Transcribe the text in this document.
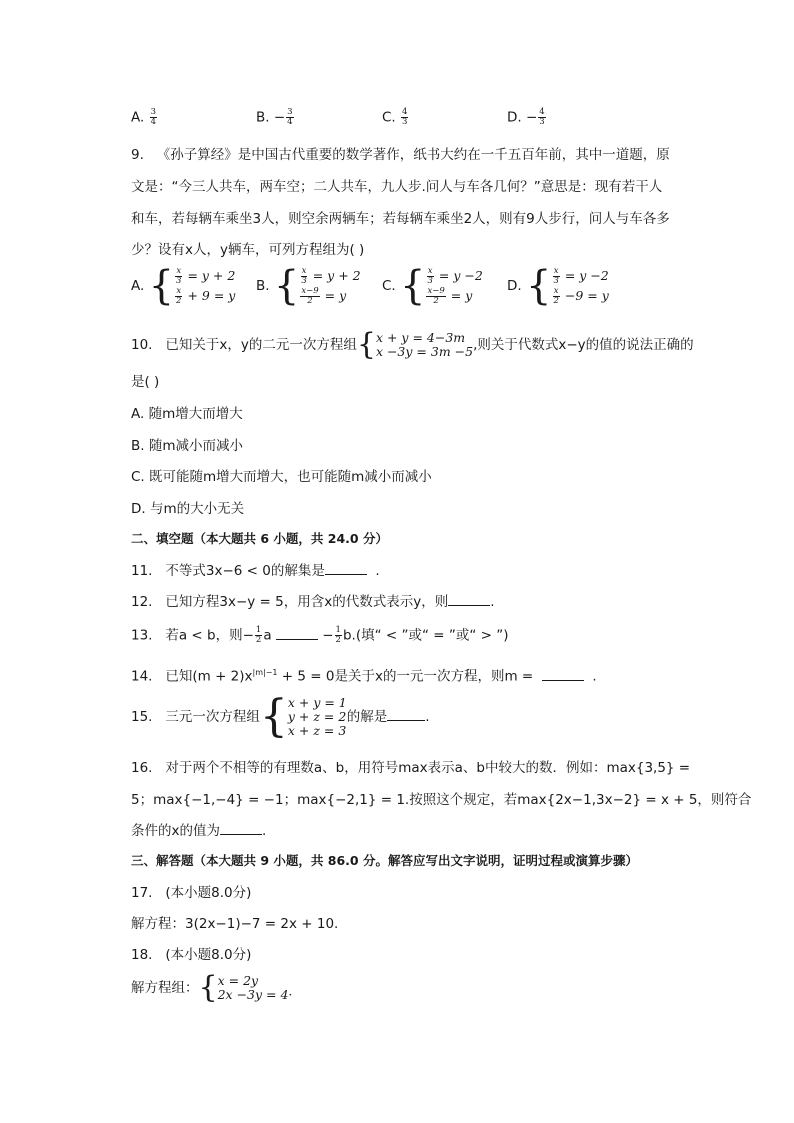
A. $\frac{3}{4}$	B. − $\frac{3}{4}$	C. $\frac{4}{3}$	D. − $\frac{4}{3}$
9. 《孙子算经》是中国古代重要的数学著作，纸书大约在一千五百年前，其中一道题，原
文是：“今三人共车，两车空；二人共车，九人步.问人与车各几何？”意思是：现有若干人
和车，若每辆车乘坐3人，则空余两辆车；若每辆车乘坐2人，则有9人步行，问人与车各多
少？设有x人，y辆车，可列方程组为( )
A.
{ $\frac{x}{3}$
= y + 2
$\frac{x}{2}$
+ 9 = y
B.
{ $\frac{x}{3}$
= y + 2
$\frac{x-9}{2}$
= y
C.
{ $\frac{x}{3}$
= y −2
$\frac{x-9}{2}$
= y
D.
{ $\frac{x}{3}$
= y −2
$\frac{x}{2}$
−9 = y
10. 已知关于x，y的二元一次方程组 { x + y = 4−3m
x −3y = 3m −5 ,则关于代数式x−y的值的说法正确的
是( )
A. 随m增大而增大
B. 随m减小而减小
C. 既可能随m增大而增大，也可能随m减小而减小
D. 与m的大小无关
二、填空题（本大题共 6 小题，共 24.0 分）
11. 不等式3x−6 < 0的解集是	.
12. 已知方程3x−y = 5，用含x的代数式表示y，则	.
13. 若a < b，则− $\frac{1}{2}$ a	− $\frac{1}{2} b$.(填“ < ”或“ = ”或“ > ”)
14. 已知$(m + 2)x^{|m|-1} + 5 = 0$是关于x的一元一次方程，则m =	.
15. 三元一次方程组 { x + y = 1
y + z = 2
x + z = 3
的解是	.
16. 对于两个不相等的有理数a、b，用符号max表示a、b中较大的数．例如：max{3,5} =
5；max{−1,−4} = −1；max{−2,1} = 1.按照这个规定，若max{2x−1,3x−2} = x + 5，则符合
条件的x的值为	.
三、解答题（本大题共 9 小题，共 86.0 分。解答应写出文字说明，证明过程或演算步骤）
17. (本小题8.0分)
解方程：3(2x−1)−7 = 2x + 10.
18. (本小题8.0分)
解方程组： { x = 2y
2x −3y = 4·
